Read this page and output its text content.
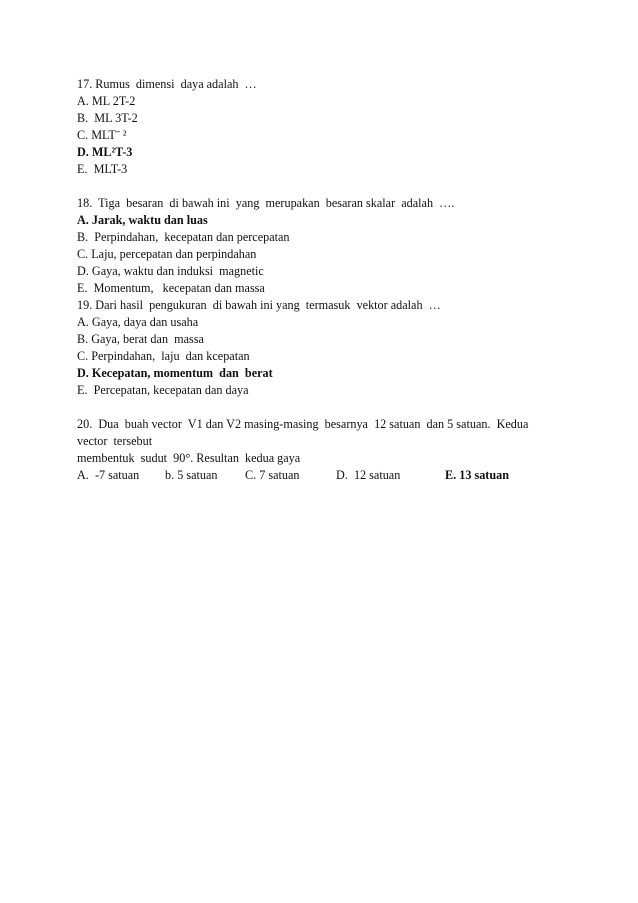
17. Rumus  dimensi  daya adalah  …
A. ML 2T-2
B.  ML 3T-2
C. MLTˉ ²
D. ML²T-3
E.  MLT-3
18.  Tiga  besaran  di bawah ini  yang  merupakan  besaran skalar  adalah  ….
A. Jarak, waktu dan luas
B.  Perpindahan,  kecepatan dan percepatan
C. Laju, percepatan dan perpindahan
D. Gaya, waktu dan induksi  magnetic
E.  Momentum,   kecepatan dan massa
19. Dari hasil  pengukuran  di bawah ini yang  termasuk  vektor adalah  …
A. Gaya, daya dan usaha
B. Gaya, berat dan  massa
C. Perpindahan,  laju  dan kcepatan
D. Kecepatan, momentum  dan  berat
E.  Percepatan, kecepatan dan daya
20.  Dua  buah vector  V1 dan V2 masing-masing  besarnya  12 satuan  dan 5 satuan.  Kedua
vector  tersebut
membentuk  sudut  90°. Resultan  kedua gaya

A.  -7 satuan

b. 5 satuan

C. 7 satuan

	D.  12 satuan

	E. 13 satuan
